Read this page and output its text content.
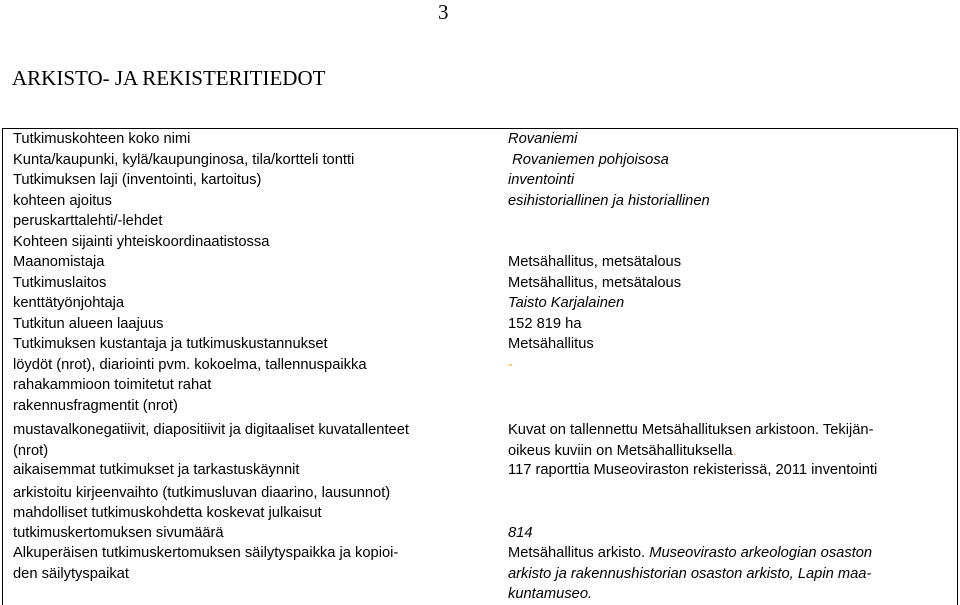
3
ARKISTO- JA REKISTERITIEDOT
Tutkimuskohteen koko nimi	Rovaniemi
Kunta/kaupunki, kylä/kaupunginosa, tila/kortteli tontti	Rovaniemen pohjoisosa
Tutkimuksen laji (inventointi, kartoitus)	inventointi
kohteen ajoitus	esihistoriallinen ja historiallinen
peruskarttalehti/-lehdet
Kohteen sijainti yhteiskoordinaatistossa
Maanomistaja	Metsähallitus, metsätalous
Tutkimuslaitos	Metsähallitus, metsätalous
kenttätyönjohtaja	Taisto Karjalainen
Tutkitun alueen laajuus	152 819 ha
Tutkimuksen kustantaja ja tutkimuskustannukset	Metsähallitus
löydöt (nrot), diariointi pvm. kokoelma, tallennuspaikka	-
rahakammioon toimitetut rahat
rakennusfragmentit (nrot)
mustavalkonegatiivit, diapositiivit ja digitaaliset kuvatallenteet	Kuvat on tallennettu Metsähallituksen arkistoon. Tekijän-
(nrot)	oikeus kuviin on Metsähallituksella.
aikaisemmat tutkimukset ja tarkastuskäynnit	117 raporttia Museoviraston rekisterissä, 2011 inventointi
arkistoitu kirjeenvaihto (tutkimusluvan diaarino, lausunnot)
mahdolliset tutkimuskohdetta koskevat julkaisut
tutkimuskertomuksen sivumäärä	814
Alkuperäisen tutkimuskertomuksen säilytyspaikka ja kopioi-	Metsähallitus arkisto. Museovirasto arkeologian osaston
den säilytyspaikat	arkisto ja rakennushistorian osaston arkisto, Lapin maa-
kuntamuseo.
